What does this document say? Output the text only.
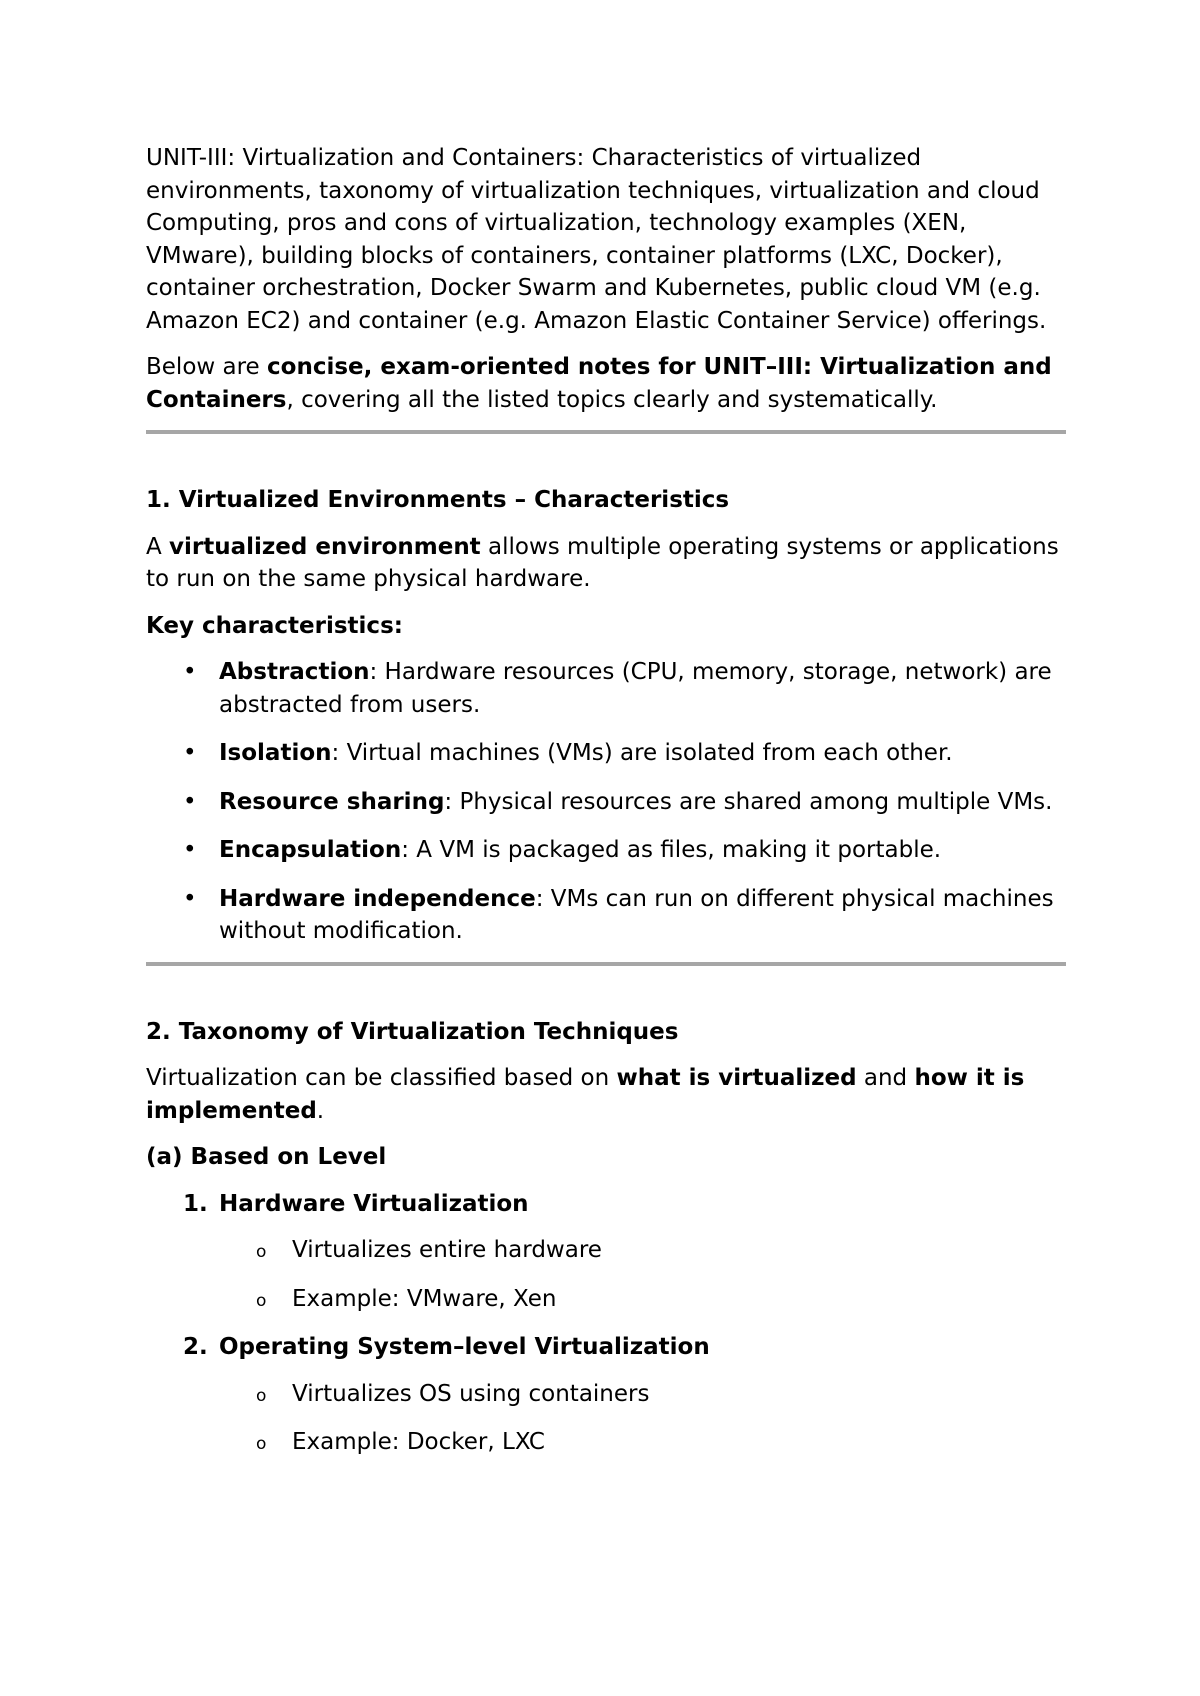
UNIT-III: Virtualization and Containers: Characteristics of virtualized environments, taxonomy of virtualization techniques, virtualization and cloud Computing, pros and cons of virtualization, technology examples (XEN, VMware), building blocks of containers, container platforms (LXC, Docker), container orchestration, Docker Swarm and Kubernetes, public cloud VM (e.g. Amazon EC2) and container (e.g. Amazon Elastic Container Service) offerings.

Below are concise, exam-oriented notes for UNIT–III: Virtualization and Containers, covering all the listed topics clearly and systematically.

1. Virtualized Environments – Characteristics

A virtualized environment allows multiple operating systems or applications to run on the same physical hardware.

Key characteristics:

• Abstraction: Hardware resources (CPU, memory, storage, network) are abstracted from users.
• Isolation: Virtual machines (VMs) are isolated from each other.
• Resource sharing: Physical resources are shared among multiple VMs.
• Encapsulation: A VM is packaged as files, making it portable.
• Hardware independence: VMs can run on different physical machines without modification.

2. Taxonomy of Virtualization Techniques

Virtualization can be classified based on what is virtualized and how it is implemented.

(a) Based on Level

1. Hardware Virtualization

o Virtualizes entire hardware
o Example: VMware, Xen
2. Operating System–level Virtualization

o Virtualizes OS using containers
o Example: Docker, LXC
